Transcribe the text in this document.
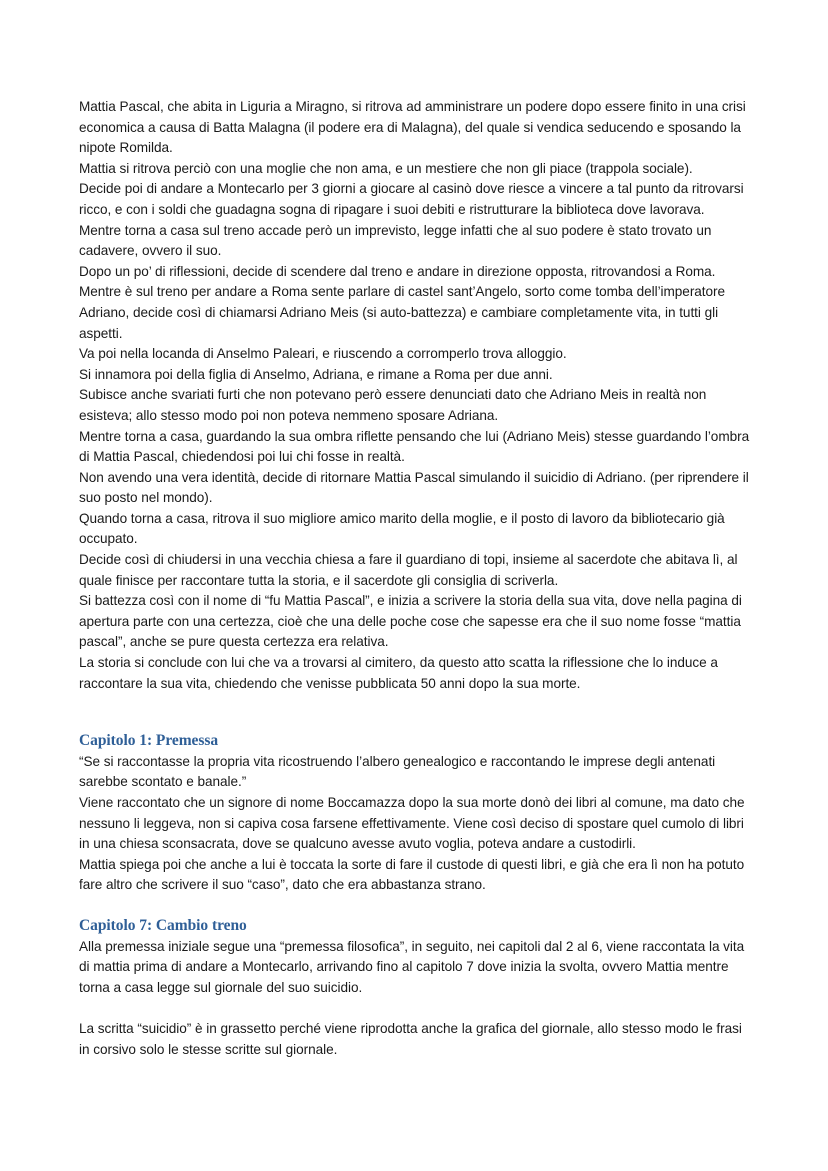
Mattia Pascal, che abita in Liguria a Miragno, si ritrova ad amministrare un podere dopo essere finito in una crisi economica a causa di Batta Malagna (il podere era di Malagna), del quale si vendica seducendo e sposando la nipote Romilda.

Mattia si ritrova perciò con una moglie che non ama, e un mestiere che non gli piace (trappola sociale).

Decide poi di andare a Montecarlo per 3 giorni a giocare al casinò dove riesce a vincere a tal punto da ritrovarsi ricco, e con i soldi che guadagna sogna di ripagare i suoi debiti e ristrutturare la biblioteca dove lavorava.

Mentre torna a casa sul treno accade però un imprevisto, legge infatti che al suo podere è stato trovato un cadavere, ovvero il suo.

Dopo un po’ di riflessioni, decide di scendere dal treno e andare in direzione opposta, ritrovandosi a Roma.

Mentre è sul treno per andare a Roma sente parlare di castel sant’Angelo, sorto come tomba dell’imperatore Adriano, decide così di chiamarsi Adriano Meis (si auto-battezza) e cambiare completamente vita, in tutti gli aspetti.

Va poi nella locanda di Anselmo Paleari, e riuscendo a corromperlo trova alloggio.

Si innamora poi della figlia di Anselmo, Adriana, e rimane a Roma per due anni.

Subisce anche svariati furti che non potevano però essere denunciati dato che Adriano Meis in realtà non esisteva; allo stesso modo poi non poteva nemmeno sposare Adriana.

Mentre torna a casa, guardando la sua ombra riflette pensando che lui (Adriano Meis) stesse guardando l’ombra di Mattia Pascal, chiedendosi poi lui chi fosse in realtà.

Non avendo una vera identità, decide di ritornare Mattia Pascal simulando il suicidio di Adriano. (per riprendere il suo posto nel mondo).

Quando torna a casa, ritrova il suo migliore amico marito della moglie, e il posto di lavoro da bibliotecario già occupato.

Decide così di chiudersi in una vecchia chiesa a fare il guardiano di topi, insieme al sacerdote che abitava lì, al quale finisce per raccontare tutta la storia, e il sacerdote gli consiglia di scriverla.

Si battezza così con il nome di “fu Mattia Pascal”, e inizia a scrivere la storia della sua vita, dove nella pagina di apertura parte con una certezza, cioè che una delle poche cose che sapesse era che il suo nome fosse “mattia pascal”, anche se pure questa certezza era relativa.

La storia si conclude con lui che va a trovarsi al cimitero, da questo atto scatta la riflessione che lo induce a raccontare la sua vita, chiedendo che venisse pubblicata 50 anni dopo la sua morte.

Capitolo 1: Premessa

“Se si raccontasse la propria vita ricostruendo l’albero genealogico e raccontando le imprese degli antenati sarebbe scontato e banale.”

Viene raccontato che un signore di nome Boccamazza dopo la sua morte donò dei libri al comune, ma dato che nessuno li leggeva, non si capiva cosa farsene effettivamente. Viene così deciso di spostare quel cumolo di libri in una chiesa sconsacrata, dove se qualcuno avesse avuto voglia, poteva andare a custodirli.

Mattia spiega poi che anche a lui è toccata la sorte di fare il custode di questi libri, e già che era lì non ha potuto fare altro che scrivere il suo “caso”, dato che era abbastanza strano.

Capitolo 7: Cambio treno

Alla premessa iniziale segue una “premessa filosofica”, in seguito, nei capitoli dal 2 al 6, viene raccontata la vita di mattia prima di andare a Montecarlo, arrivando fino al capitolo 7 dove inizia la svolta, ovvero Mattia mentre torna a casa legge sul giornale del suo suicidio.

La scritta “suicidio” è in grassetto perché viene riprodotta anche la grafica del giornale, allo stesso modo le frasi in corsivo solo le stesse scritte sul giornale.
